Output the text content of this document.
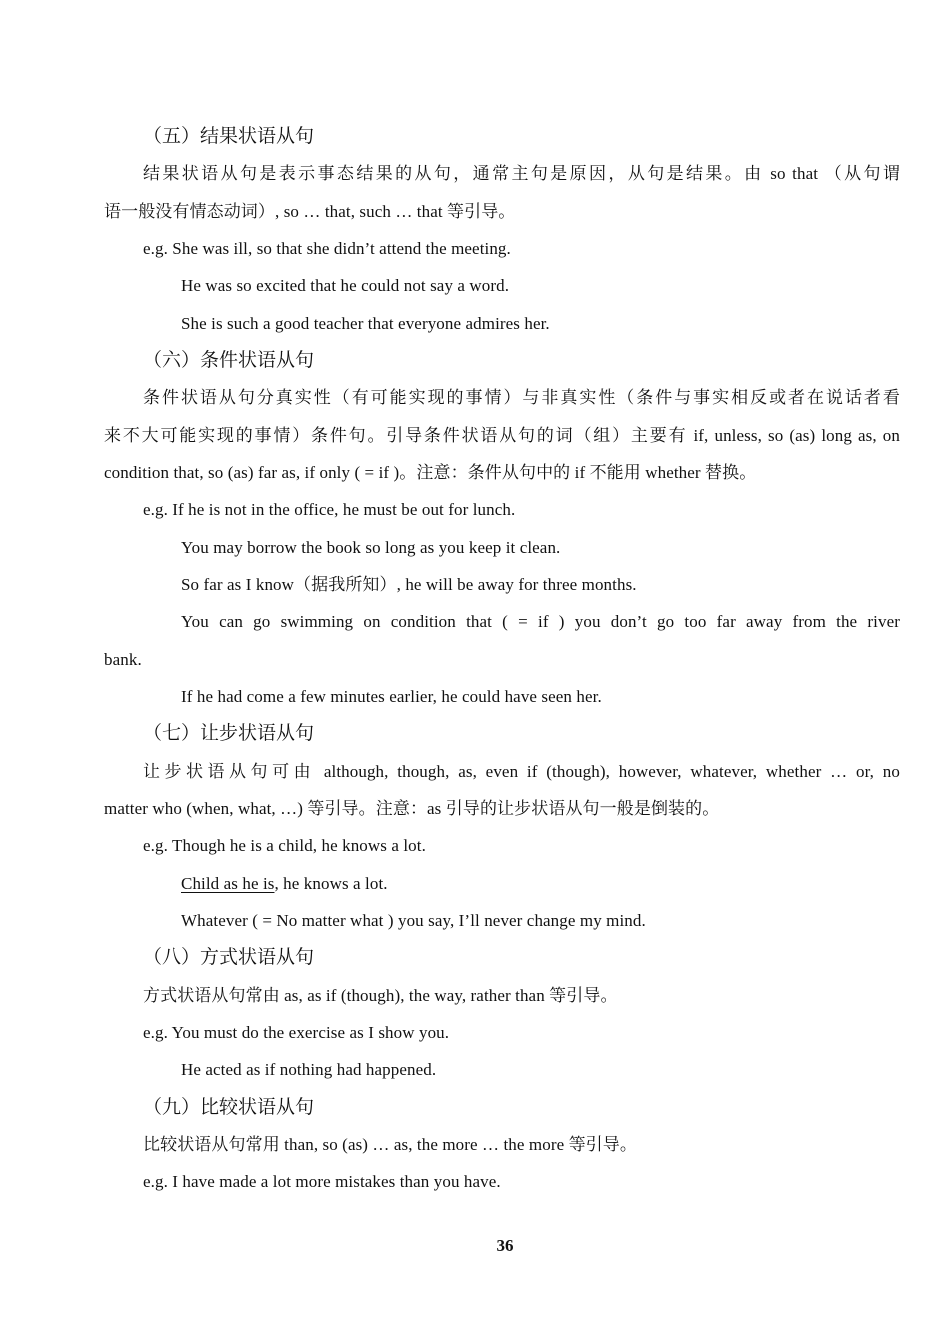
（五）结果状语从句
结果状语从句是表示事态结果的从句，通常主句是原因，从句是结果。由 so that （从句谓
语一般没有情态动词）, so … that, such … that 等引导。
e.g. She was ill, so that she didn’t attend the meeting.
He was so excited that he could not say a word.
She is such a good teacher that everyone admires her.
（六）条件状语从句
条件状语从句分真实性（有可能实现的事情）与非真实性（条件与事实相反或者在说话者看
来不大可能实现的事情）条件句。引导条件状语从句的词（组）主要有 if, unless, so (as) long as, on
condition that, so (as) far as, if only ( = if )。注意：条件从句中的 if 不能用 whether 替换。
e.g. If he is not in the office, he must be out for lunch.
You may borrow the book so long as you keep it clean.
So far as I know（据我所知）, he will be away for three months.
You can go swimming on condition that ( = if ) you don’t go too far away from the river
bank.
If he had come a few minutes earlier, he could have seen her.
（七）让步状语从句
让步状语从句可由 although, though, as, even if (though), however, whatever, whether … or, no
matter who (when, what, …) 等引导。注意：as 引导的让步状语从句一般是倒装的。
e.g. Though he is a child, he knows a lot.
Child as he is, he knows a lot.
Whatever ( = No matter what ) you say, I’ll never change my mind.
（八）方式状语从句
方式状语从句常由 as, as if (though), the way, rather than 等引导。
e.g. You must do the exercise as I show you.
He acted as if nothing had happened.
（九）比较状语从句
比较状语从句常用 than, so (as) … as, the more … the more 等引导。
e.g. I have made a lot more mistakes than you have.
36
